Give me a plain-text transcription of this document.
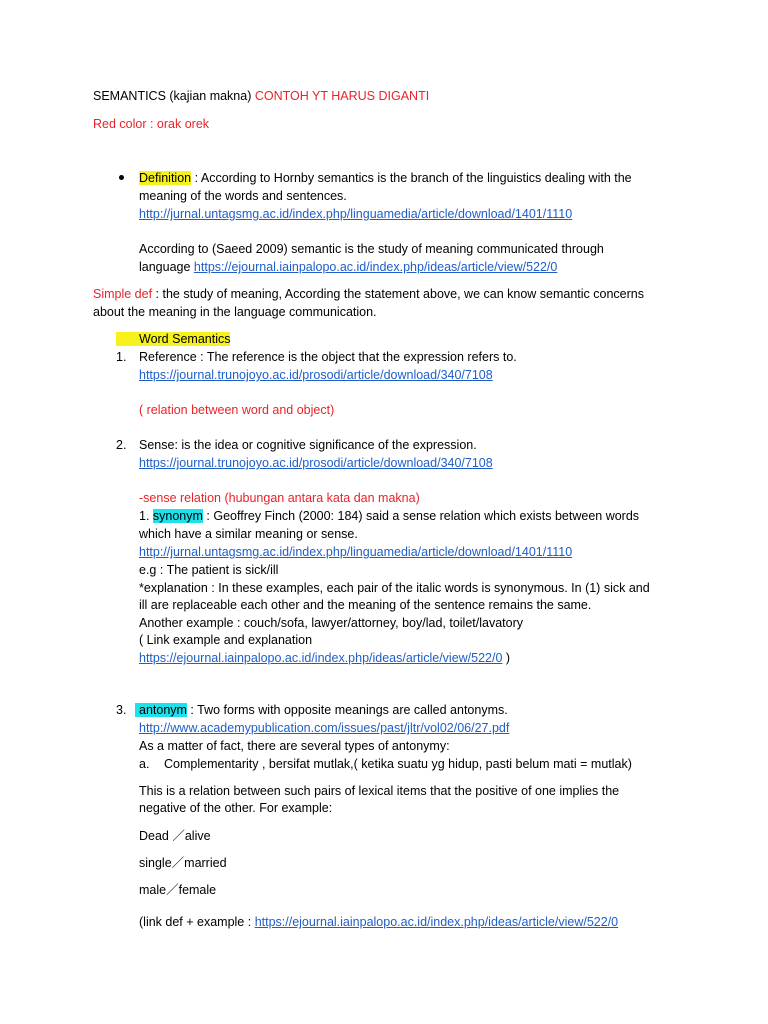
SEMANTICS (kajian makna) CONTOH YT HARUS DIGANTI
Red color : orak orek
Definition : According to Hornby semantics is the branch of the linguistics dealing with the
meaning of the words and sentences.
http://jurnal.untagsmg.ac.id/index.php/linguamedia/article/download/1401/1110
According to (Saeed 2009) semantic is the study of meaning communicated through
language https://ejournal.iainpalopo.ac.id/index.php/ideas/article/view/522/0
Simple def : the study of meaning, According the statement above, we can know semantic concerns
about the meaning in the language communication.
Word Semantics
1. Reference : The reference is the object that the expression refers to.
https://journal.trunojoyo.ac.id/prosodi/article/download/340/7108
( relation between word and object)
2. Sense: is the idea or cognitive significance of the expression.
https://journal.trunojoyo.ac.id/prosodi/article/download/340/7108
-sense relation (hubungan antara kata dan makna)
1. synonym : Geoffrey Finch (2000: 184) said a sense relation which exists between words
which have a similar meaning or sense.
http://jurnal.untagsmg.ac.id/index.php/linguamedia/article/download/1401/1110
e.g : The patient is sick/ill
*explanation : In these examples, each pair of the italic words is synonymous. In (1) sick and
ill are replaceable each other and the meaning of the sentence remains the same.
Another example : couch/sofa, lawyer/attorney, boy/lad, toilet/lavatory
( Link example and explanation
https://ejournal.iainpalopo.ac.id/index.php/ideas/article/view/522/0 )
3.	antonym : Two forms with opposite meanings are called antonyms.
http://www.academypublication.com/issues/past/jltr/vol02/06/27.pdf
As a matter of fact, there are several types of antonymy:
a. Complementarity , bersifat mutlak,( ketika suatu yg hidup, pasti belum mati = mutlak)
This is a relation between such pairs of lexical items that the positive of one implies the
negative of the other. For example:
Dead ／alive
single／married
male／female
(link def + example : https://ejournal.iainpalopo.ac.id/index.php/ideas/article/view/522/0
